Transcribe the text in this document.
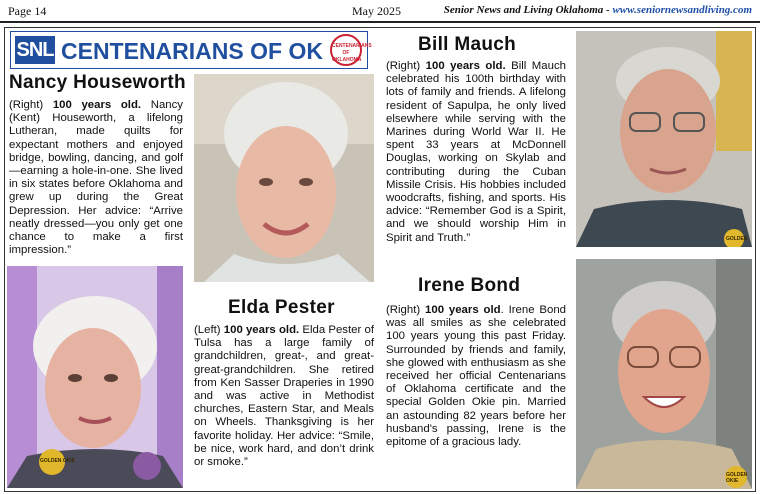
Page 14	May 2025	Senior News and Living Oklahoma - www.seniornewsandliving.com
SNL CENTENARIANS OF OK	CENTENARIANS OF OKLAHOMA
Nancy Houseworth
(Right) 100 years old. Nancy (Kent) Houseworth, a lifelong Lutheran, made quilts for expectant mothers and enjoyed bridge, bowling, dancing, and golf—earning a hole-in-one. She lived in six states before Oklahoma and grew up during the Great Depression. Her advice: “Arrive neatly dressed—you only get one chance to make a first impression.”
Elda Pester
(Left) 100 years old. Elda Pester of Tulsa has a large family of grandchildren, great-, and great-great-grandchildren. She retired from Ken Sasser Draperies in 1990 and was active in Methodist churches, Eastern Star, and Meals on Wheels. Thanksgiving is her favorite holiday. Her advice: “Smile, be nice, work hard, and don’t drink or smoke.”
GOLDEN OKIE
Bill Mauch
(Right) 100 years old. Bill Mauch celebrated his 100th birthday with lots of family and friends. A lifelong resident of Sapulpa, he only lived elsewhere while serving with the Marines during World War II. He spent 33 years at McDonnell Douglas, working on Skylab and contributing during the Cuban Missile Crisis. His hobbies included woodcrafts, fishing, and sports. His advice: “Remember God is a Spirit, and we should worship Him in Spirit and Truth.”	GOLDEN
Irene Bond
(Right) 100 years old. Irene Bond was all smiles as she celebrated 100 years young this past Friday. Surrounded by friends and family, she glowed with enthusiasm as she received her official Centenarians of Oklahoma certificate and the special Golden Okie pin. Married an astounding 82 years before her husband's passing, Irene is the epitome of a gracious lady.
GOLDEN OKIE
